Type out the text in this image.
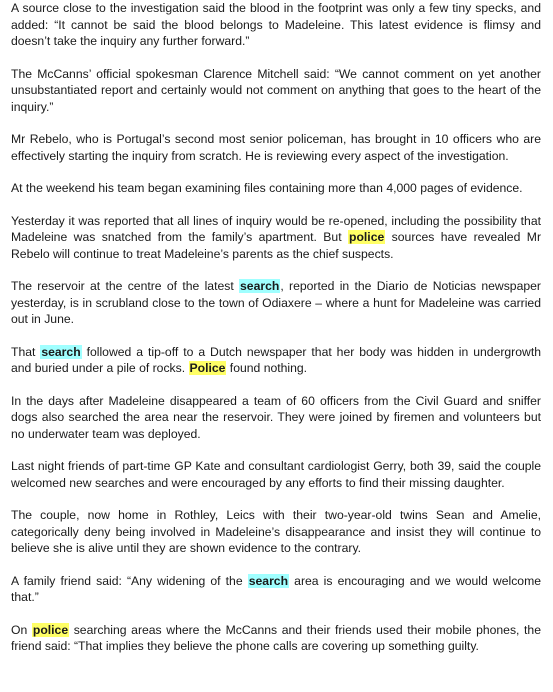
A source close to the investigation said the blood in the footprint was only a few tiny specks, and added: “It cannot be said the blood belongs to Madeleine. This latest evidence is flimsy and doesn’t take the inquiry any further forward.”

The McCanns’ official spokesman Clarence Mitchell said: “We cannot comment on yet another unsubstantiated report and certainly would not comment on anything that goes to the heart of the inquiry.”

Mr Rebelo, who is Portugal’s second most senior policeman, has brought in 10 officers who are effectively starting the inquiry from scratch. He is reviewing every aspect of the investigation.

At the weekend his team began examining files containing more than 4,000 pages of evidence.

Yesterday it was reported that all lines of inquiry would be re-opened, including the possibility that Madeleine was snatched from the family’s apartment. But police sources have revealed Mr Rebelo will continue to treat Madeleine’s parents as the chief suspects.

The reservoir at the centre of the latest search, reported in the Diario de Noticias newspaper yesterday, is in scrubland close to the town of Odiaxere – where a hunt for Madeleine was carried out in June.

That search followed a tip-off to a Dutch newspaper that her body was hidden in undergrowth and buried under a pile of rocks. Police found nothing.

In the days after Madeleine disappeared a team of 60 officers from the Civil Guard and sniffer dogs also searched the area near the reservoir. They were joined by firemen and volunteers but no underwater team was deployed.

Last night friends of part-time GP Kate and consultant cardiologist Gerry, both 39, said the couple welcomed new searches and were encouraged by any efforts to find their missing daughter.

The couple, now home in Rothley, Leics with their two-year-old twins Sean and Amelie, categorically deny being involved in Madeleine’s disappearance and insist they will continue to believe she is alive until they are shown evidence to the contrary.

A family friend said: “Any widening of the search area is encouraging and we would welcome that.”

On police searching areas where the McCanns and their friends used their mobile phones, the friend said: “That implies they believe the phone calls are covering up something guilty.
